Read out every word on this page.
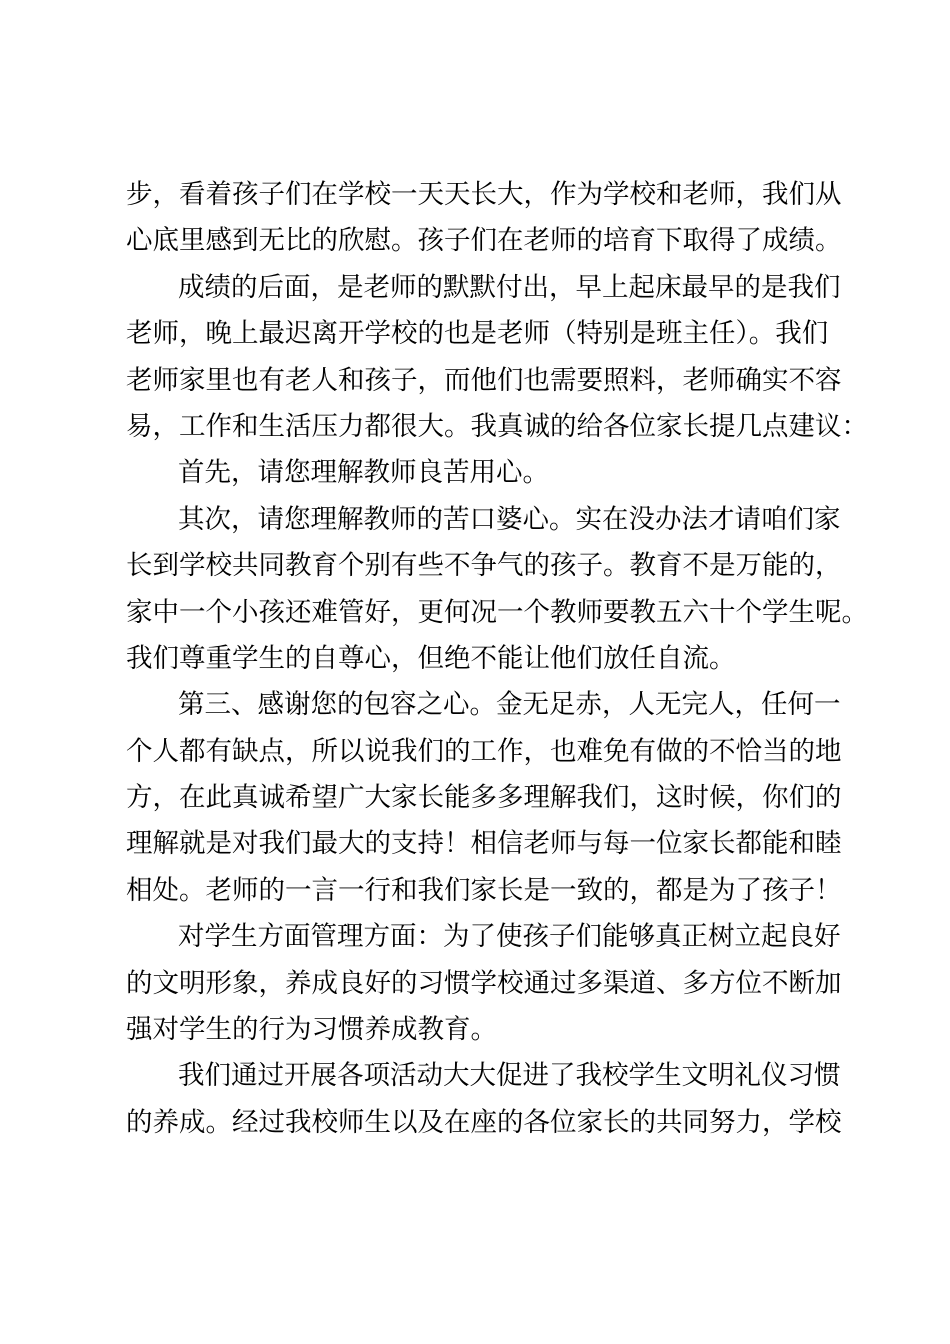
步，看着孩子们在学校一天天长大，作为学校和老师，我们从
心底里感到无比的欣慰。孩子们在老师的培育下取得了成绩。
成绩的后面，是老师的默默付出，早上起床最早的是我们
老师，晚上最迟离开学校的也是老师（特别是班主任）。我们
老师家里也有老人和孩子，而他们也需要照料，老师确实不容
易，工作和生活压力都很大。我真诚的给各位家长提几点建议：
首先，请您理解教师良苦用心。
其次，请您理解教师的苦口婆心。实在没办法才请咱们家
长到学校共同教育个别有些不争气的孩子。教育不是万能的，
家中一个小孩还难管好，更何况一个教师要教五六十个学生呢。
我们尊重学生的自尊心，但绝不能让他们放任自流。
第三、感谢您的包容之心。金无足赤，人无完人，任何一
个人都有缺点，所以说我们的工作，也难免有做的不恰当的地
方，在此真诚希望广大家长能多多理解我们，这时候，你们的
理解就是对我们最大的支持！相信老师与每一位家长都能和睦
相处。老师的一言一行和我们家长是一致的，都是为了孩子！
对学生方面管理方面：为了使孩子们能够真正树立起良好
的文明形象，养成良好的习惯学校通过多渠道、多方位不断加
强对学生的行为习惯养成教育。
我们通过开展各项活动大大促进了我校学生文明礼仪习惯
的养成。经过我校师生以及在座的各位家长的共同努力，学校
